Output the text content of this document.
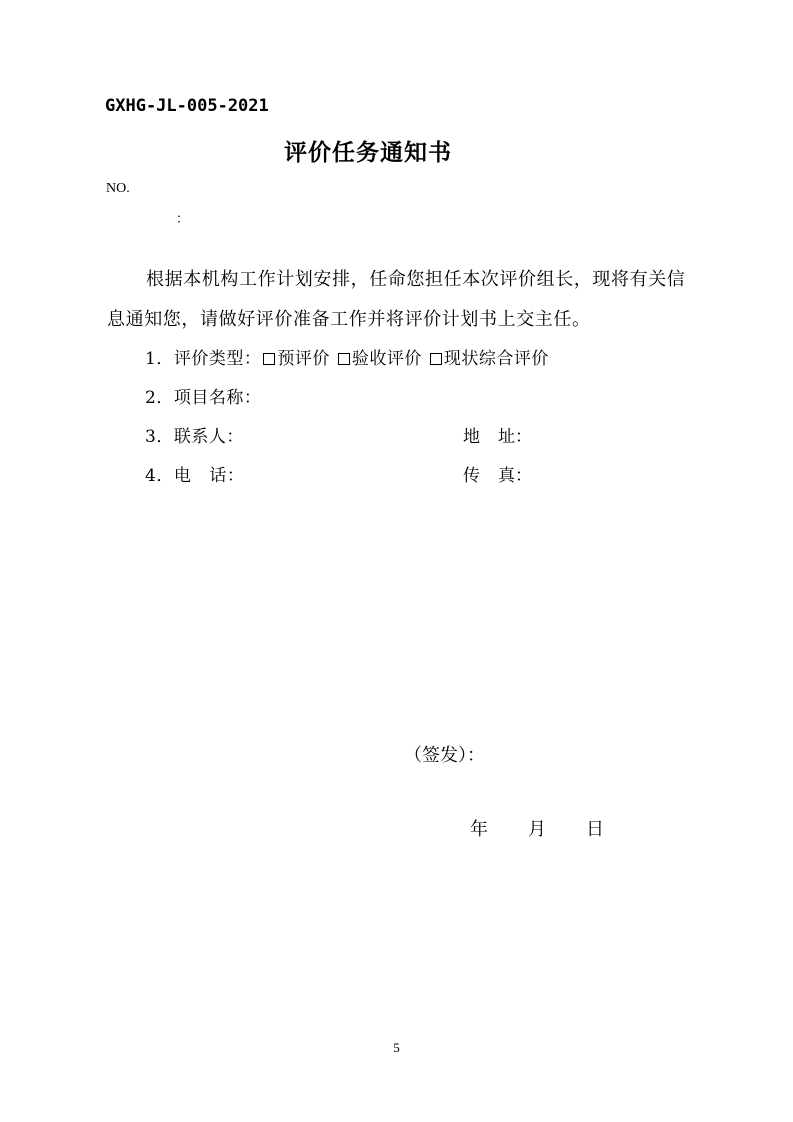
GXHG-JL-005-2021
评价任务通知书
NO.
：
根据本机构工作计划安排，任命您担任本次评价组长，现将有关信
息通知您，请做好评价准备工作并将评价计划书上交主任。
1．评价类型： 预评价 验收评价 现状综合评价
2．项目名称：
3．联系人：
4．电 话：
地 址：
传 真：
（签发）：
年 月 日
5
